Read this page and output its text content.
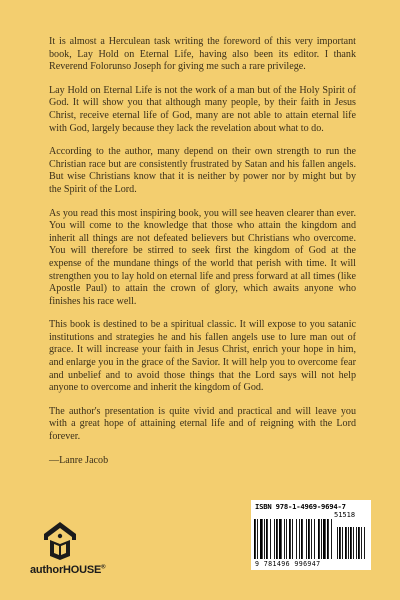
It is almost a Herculean task writing the foreword of this very important book, Lay Hold on Eternal Life, having also been its editor. I thank Reverend Folorunso Joseph for giving me such a rare privilege.

Lay Hold on Eternal Life is not the work of a man but of the Holy Spirit of God. It will show you that although many people, by their faith in Jesus Christ, receive eternal life of God, many are not able to attain eternal life with God, largely because they lack the revelation about what to do.

According to the author, many depend on their own strength to run the Christian race but are consistently frustrated by Satan and his fallen angels. But wise Christians know that it is neither by power nor by might but by the Spirit of the Lord.

As you read this most inspiring book, you will see heaven clearer than ever. You will come to the knowledge that those who attain the kingdom and inherit all things are not defeated believers but Christians who overcome. You will therefore be stirred to seek first the kingdom of God at the expense of the mundane things of the world that perish with time. It will strengthen you to lay hold on eternal life and press forward at all times (like Apostle Paul) to attain the crown of glory, which awaits anyone who finishes his race well.

This book is destined to be a spiritual classic. It will expose to you satanic institutions and strategies he and his fallen angels use to lure man out of grace. It will increase your faith in Jesus Christ, enrich your hope in him, and enlarge you in the grace of the Savior. It will help you to overcome fear and unbelief and to avoid those things that the Lord says will not help anyone to overcome and inherit the kingdom of God.

The author's presentation is quite vivid and practical and will leave you with a great hope of attaining eternal life and of reigning with the Lord forever.

—Lanre Jacob
authorHOUSE®
ISBN 978-1-4969-9694-7
51518
9 781496 996947
